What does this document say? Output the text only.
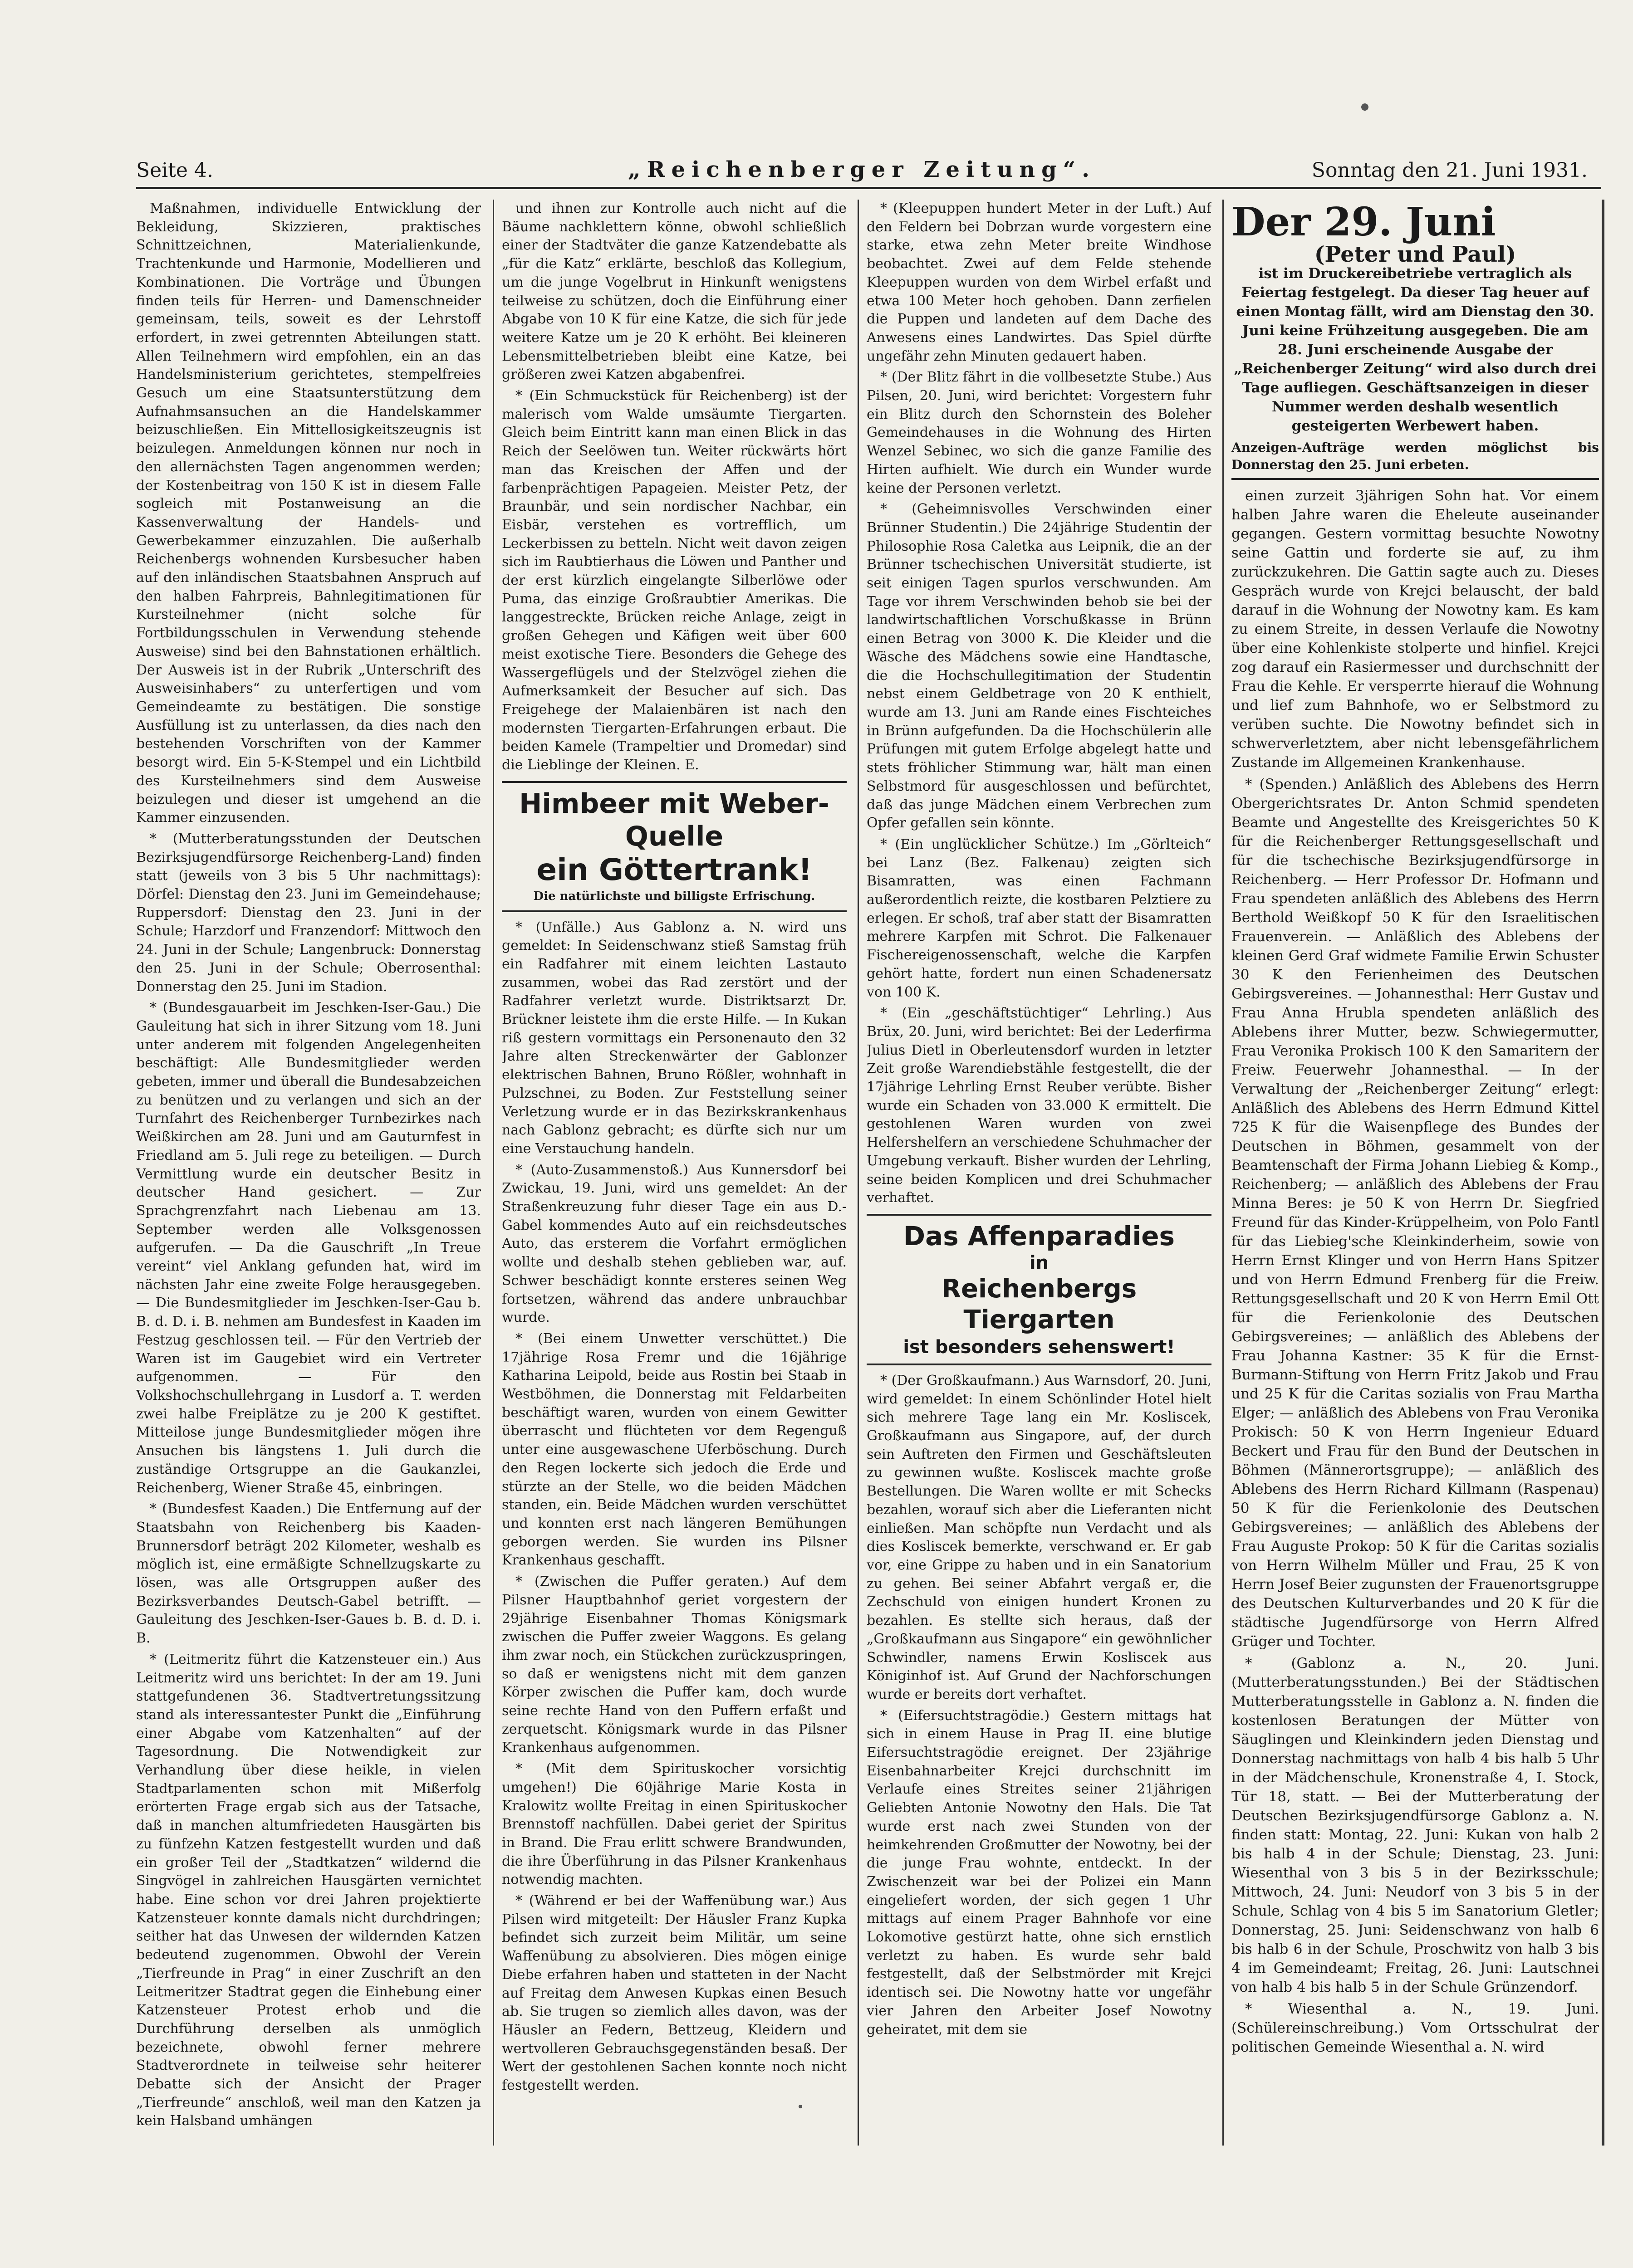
Seite 4.	„Reichenberger Zeitung“.	Sonntag den 21. Juni 1931.

Maßnahmen, individuelle Entwicklung der Bekleidung, Skizzieren, praktisches Schnittzeichnen, Materialienkunde, Trachtenkunde und Harmonie, Modellieren und Kombinationen. Die Vorträge und Übungen finden teils für Herren- und Damenschneider gemeinsam, teils, soweit es der Lehrstoff erfordert, in zwei getrennten Abteilungen statt. Allen Teilnehmern wird empfohlen, ein an das Handelsministerium gerichtetes, stempelfreies Gesuch um eine Staatsunterstützung dem Aufnahmsansuchen an die Handelskammer beizuschließen. Ein Mittellosigkeitszeugnis ist beizulegen. Anmeldungen können nur noch in den allernächsten Tagen angenommen werden; der Kostenbeitrag von 150 K ist in diesem Falle sogleich mit Postanweisung an die Kassenverwaltung der Handels- und Gewerbekammer einzuzahlen. Die außerhalb Reichenbergs wohnenden Kursbesucher haben auf den inländischen Staatsbahnen Anspruch auf den halben Fahrpreis, Bahnlegitimationen für Kursteilnehmer (nicht solche für Fortbildungsschulen in Verwendung stehende Ausweise) sind bei den Bahnstationen erhältlich. Der Ausweis ist in der Rubrik „Unterschrift des Ausweisinhabers“ zu unterfertigen und vom Gemeindeamte zu bestätigen. Die sonstige Ausfüllung ist zu unterlassen, da dies nach den bestehenden Vorschriften von der Kammer besorgt wird. Ein 5-K-Stempel und ein Lichtbild des Kursteilnehmers sind dem Ausweise beizulegen und dieser ist umgehend an die Kammer einzusenden.

* (Mutterberatungsstunden der Deutschen Bezirksjugendfürsorge Reichenberg-Land) finden statt (jeweils von 3 bis 5 Uhr nachmittags): Dörfel: Dienstag den 23. Juni im Gemeindehause; Ruppersdorf: Dienstag den 23. Juni in der Schule; Harzdorf und Franzendorf: Mittwoch den 24. Juni in der Schule; Langenbruck: Donnerstag den 25. Juni in der Schule; Oberrosenthal: Donnerstag den 25. Juni im Stadion.

* (Bundesgauarbeit im Jeschken-Iser-Gau.) Die Gauleitung hat sich in ihrer Sitzung vom 18. Juni unter anderem mit folgenden Angelegenheiten beschäftigt: Alle Bundesmitglieder werden gebeten, immer und überall die Bundesabzeichen zu benützen und zu verlangen und sich an der Turnfahrt des Reichenberger Turnbezirkes nach Weißkirchen am 28. Juni und am Gauturnfest in Friedland am 5. Juli rege zu beteiligen. — Durch Vermittlung wurde ein deutscher Besitz in deutscher Hand gesichert. — Zur Sprachgrenzfahrt nach Liebenau am 13. September werden alle Volksgenossen aufgerufen. — Da die Gauschrift „In Treue vereint“ viel Anklang gefunden hat, wird im nächsten Jahr eine zweite Folge herausgegeben. — Die Bundesmitglieder im Jeschken-Iser-Gau b. B. d. D. i. B. nehmen am Bundesfest in Kaaden im Festzug geschlossen teil. — Für den Vertrieb der Waren ist im Gaugebiet wird ein Vertreter aufgenommen. — Für den Volkshochschullehrgang in Lusdorf a. T. werden zwei halbe Freiplätze zu je 200 K gestiftet. Mitteilose junge Bundesmitglieder mögen ihre Ansuchen bis längstens 1. Juli durch die zuständige Ortsgruppe an die Gaukanzlei, Reichenberg, Wiener Straße 45, einbringen.

* (Bundesfest Kaaden.) Die Entfernung auf der Staatsbahn von Reichenberg bis Kaaden-Brunnersdorf beträgt 202 Kilometer, weshalb es möglich ist, eine ermäßigte Schnellzugskarte zu lösen, was alle Ortsgruppen außer des Bezirksverbandes Deutsch-Gabel betrifft. — Gauleitung des Jeschken-Iser-Gaues b. B. d. D. i. B.

* (Leitmeritz führt die Katzensteuer ein.) Aus Leitmeritz wird uns berichtet: In der am 19. Juni stattgefundenen 36. Stadtvertretungssitzung stand als interessantester Punkt die „Einführung einer Abgabe vom Katzenhalten“ auf der Tagesordnung. Die Notwendigkeit zur Verhandlung über diese heikle, in vielen Stadtparlamenten schon mit Mißerfolg erörterten Frage ergab sich aus der Tatsache, daß in manchen altumfriedeten Hausgärten bis zu fünfzehn Katzen festgestellt wurden und daß ein großer Teil der „Stadtkatzen“ wildernd die Singvögel in zahlreichen Hausgärten vernichtet habe. Eine schon vor drei Jahren projektierte Katzensteuer konnte damals nicht durchdringen; seither hat das Unwesen der wildernden Katzen bedeutend zugenommen. Obwohl der Verein „Tierfreunde in Prag“ in einer Zuschrift an den Leitmeritzer Stadtrat gegen die Einhebung einer Katzensteuer Protest erhob und die Durchführung derselben als unmöglich bezeichnete, obwohl ferner mehrere Stadtverordnete in teilweise sehr heiterer Debatte sich der Ansicht der Prager „Tierfreunde“ anschloß, weil man den Katzen ja kein Halsband umhängen

und ihnen zur Kontrolle auch nicht auf die Bäume nachklettern könne, obwohl schließlich einer der Stadtväter die ganze Katzendebatte als „für die Katz“ erklärte, beschloß das Kollegium, um die junge Vogelbrut in Hinkunft wenigstens teilweise zu schützen, doch die Einführung einer Abgabe von 10 K für eine Katze, die sich für jede weitere Katze um je 20 K erhöht. Bei kleineren Lebensmittelbetrieben bleibt eine Katze, bei größeren zwei Katzen abgabenfrei.

* (Ein Schmuckstück für Reichenberg) ist der malerisch vom Walde umsäumte Tiergarten. Gleich beim Eintritt kann man einen Blick in das Reich der Seelöwen tun. Weiter rückwärts hört man das Kreischen der Affen und der farbenprächtigen Papageien. Meister Petz, der Braunbär, und sein nordischer Nachbar, ein Eisbär, verstehen es vortrefflich, um Leckerbissen zu betteln. Nicht weit davon zeigen sich im Raubtierhaus die Löwen und Panther und der erst kürzlich eingelangte Silberlöwe oder Puma, das einzige Großraubtier Amerikas. Die langgestreckte, Brücken reiche Anlage, zeigt in großen Gehegen und Käfigen weit über 600 meist exotische Tiere. Besonders die Gehege des Wassergeflügels und der Stelzvögel ziehen die Aufmerksamkeit der Besucher auf sich. Das Freigehege der Malaienbären ist nach den modernsten Tiergarten-Erfahrungen erbaut. Die beiden Kamele (Trampeltier und Dromedar) sind die Lieblinge der Kleinen. E.

Himbeer mit Weber-Quelle
ein Göttertrank!
Die natürlichste und billigste Erfrischung.

* (Unfälle.) Aus Gablonz a. N. wird uns gemeldet: In Seidenschwanz stieß Samstag früh ein Radfahrer mit einem leichten Lastauto zusammen, wobei das Rad zerstört und der Radfahrer verletzt wurde. Distriktsarzt Dr. Brückner leistete ihm die erste Hilfe. — In Kukan riß gestern vormittags ein Personenauto den 32 Jahre alten Streckenwärter der Gablonzer elektrischen Bahnen, Bruno Rößler, wohnhaft in Pulzschnei, zu Boden. Zur Feststellung seiner Verletzung wurde er in das Bezirkskrankenhaus nach Gablonz gebracht; es dürfte sich nur um eine Verstauchung handeln.

* (Auto-Zusammenstoß.) Aus Kunnersdorf bei Zwickau, 19. Juni, wird uns gemeldet: An der Straßenkreuzung fuhr dieser Tage ein aus D.-Gabel kommendes Auto auf ein reichsdeutsches Auto, das ersterem die Vorfahrt ermöglichen wollte und deshalb stehen geblieben war, auf. Schwer beschädigt konnte ersteres seinen Weg fortsetzen, während das andere unbrauchbar wurde.

* (Bei einem Unwetter verschüttet.) Die 17jährige Rosa Fremr und die 16jährige Katharina Leipold, beide aus Rostin bei Staab in Westböhmen, die Donnerstag mit Feldarbeiten beschäftigt waren, wurden von einem Gewitter überrascht und flüchteten vor dem Regenguß unter eine ausgewaschene Uferböschung. Durch den Regen lockerte sich jedoch die Erde und stürzte an der Stelle, wo die beiden Mädchen standen, ein. Beide Mädchen wurden verschüttet und konnten erst nach längeren Bemühungen geborgen werden. Sie wurden ins Pilsner Krankenhaus geschafft.

* (Zwischen die Puffer geraten.) Auf dem Pilsner Hauptbahnhof geriet vorgestern der 29jährige Eisenbahner Thomas Königsmark zwischen die Puffer zweier Waggons. Es gelang ihm zwar noch, ein Stückchen zurückzuspringen, so daß er wenigstens nicht mit dem ganzen Körper zwischen die Puffer kam, doch wurde seine rechte Hand von den Puffern erfaßt und zerquetscht. Königsmark wurde in das Pilsner Krankenhaus aufgenommen.

* (Mit dem Spirituskocher vorsichtig umgehen!) Die 60jährige Marie Kosta in Kralowitz wollte Freitag in einen Spirituskocher Brennstoff nachfüllen. Dabei geriet der Spiritus in Brand. Die Frau erlitt schwere Brandwunden, die ihre Überführung in das Pilsner Krankenhaus notwendig machten.

* (Während er bei der Waffenübung war.) Aus Pilsen wird mitgeteilt: Der Häusler Franz Kupka befindet sich zurzeit beim Militär, um seine Waffenübung zu absolvieren. Dies mögen einige Diebe erfahren haben und statteten in der Nacht auf Freitag dem Anwesen Kupkas einen Besuch ab. Sie trugen so ziemlich alles davon, was der Häusler an Federn, Bettzeug, Kleidern und wertvolleren Gebrauchsgegenständen besaß. Der Wert der gestohlenen Sachen konnte noch nicht festgestellt werden.

* (Kleepuppen hundert Meter in der Luft.) Auf den Feldern bei Dobrzan wurde vorgestern eine starke, etwa zehn Meter breite Windhose beobachtet. Zwei auf dem Felde stehende Kleepuppen wurden von dem Wirbel erfaßt und etwa 100 Meter hoch gehoben. Dann zerfielen die Puppen und landeten auf dem Dache des Anwesens eines Landwirtes. Das Spiel dürfte ungefähr zehn Minuten gedauert haben.

* (Der Blitz fährt in die vollbesetzte Stube.) Aus Pilsen, 20. Juni, wird berichtet: Vorgestern fuhr ein Blitz durch den Schornstein des Boleher Gemeindehauses in die Wohnung des Hirten Wenzel Sebinec, wo sich die ganze Familie des Hirten aufhielt. Wie durch ein Wunder wurde keine der Personen verletzt.

* (Geheimnisvolles Verschwinden einer Brünner Studentin.) Die 24jährige Studentin der Philosophie Rosa Caletka aus Leipnik, die an der Brünner tschechischen Universität studierte, ist seit einigen Tagen spurlos verschwunden. Am Tage vor ihrem Verschwinden behob sie bei der landwirtschaftlichen Vorschußkasse in Brünn einen Betrag von 3000 K. Die Kleider und die Wäsche des Mädchens sowie eine Handtasche, die die Hochschullegitimation der Studentin nebst einem Geldbetrage von 20 K enthielt, wurde am 13. Juni am Rande eines Fischteiches in Brünn aufgefunden. Da die Hochschülerin alle Prüfungen mit gutem Erfolge abgelegt hatte und stets fröhlicher Stimmung war, hält man einen Selbstmord für ausgeschlossen und befürchtet, daß das junge Mädchen einem Verbrechen zum Opfer gefallen sein könnte.

* (Ein unglücklicher Schütze.) Im „Görlteich“ bei Lanz (Bez. Falkenau) zeigten sich Bisamratten, was einen Fachmann außerordentlich reizte, die kostbaren Pelztiere zu erlegen. Er schoß, traf aber statt der Bisamratten mehrere Karpfen mit Schrot. Die Falkenauer Fischereigenossenschaft, welche die Karpfen gehört hatte, fordert nun einen Schadenersatz von 100 K.

* (Ein „geschäftstüchtiger“ Lehrling.) Aus Brüx, 20. Juni, wird berichtet: Bei der Lederfirma Julius Dietl in Oberleutensdorf wurden in letzter Zeit große Warendiebstähle festgestellt, die der 17jährige Lehrling Ernst Reuber verübte. Bisher wurde ein Schaden von 33.000 K ermittelt. Die gestohlenen Waren wurden von zwei Helfershelfern an verschiedene Schuhmacher der Umgebung verkauft. Bisher wurden der Lehrling, seine beiden Komplicen und drei Schuhmacher verhaftet.

Das Affenparadies
in
Reichenbergs Tiergarten
ist besonders sehenswert!

* (Der Großkaufmann.) Aus Warnsdorf, 20. Juni, wird gemeldet: In einem Schönlinder Hotel hielt sich mehrere Tage lang ein Mr. Kosliscek, Großkaufmann aus Singapore, auf, der durch sein Auftreten den Firmen und Geschäftsleuten zu gewinnen wußte. Kosliscek machte große Bestellungen. Die Waren wollte er mit Schecks bezahlen, worauf sich aber die Lieferanten nicht einließen. Man schöpfte nun Verdacht und als dies Kosliscek bemerkte, verschwand er. Er gab vor, eine Grippe zu haben und in ein Sanatorium zu gehen. Bei seiner Abfahrt vergaß er, die Zechschuld von einigen hundert Kronen zu bezahlen. Es stellte sich heraus, daß der „Großkaufmann aus Singapore“ ein gewöhnlicher Schwindler, namens Erwin Kosliscek aus Königinhof ist. Auf Grund der Nachforschungen wurde er bereits dort verhaftet.

* (Eifersuchtstragödie.) Gestern mittags hat sich in einem Hause in Prag II. eine blutige Eifersuchtstragödie ereignet. Der 23jährige Eisenbahnarbeiter Krejci durchschnitt im Verlaufe eines Streites seiner 21jährigen Geliebten Antonie Nowotny den Hals. Die Tat wurde erst nach zwei Stunden von der heimkehrenden Großmutter der Nowotny, bei der die junge Frau wohnte, entdeckt. In der Zwischenzeit war bei der Polizei ein Mann eingeliefert worden, der sich gegen 1 Uhr mittags auf einem Prager Bahnhofe vor eine Lokomotive gestürzt hatte, ohne sich ernstlich verletzt zu haben. Es wurde sehr bald festgestellt, daß der Selbstmörder mit Krejci identisch sei. Die Nowotny hatte vor ungefähr vier Jahren den Arbeiter Josef Nowotny geheiratet, mit dem sie

Der 29. Juni
(Peter und Paul)
ist im Druckereibetriebe vertraglich als Feiertag festgelegt. Da dieser Tag heuer auf einen Montag fällt, wird am Dienstag den 30. Juni keine Frühzeitung ausgegeben. Die am 28. Juni erscheinende Ausgabe der „Reichenberger Zeitung“ wird also durch drei Tage aufliegen. Geschäftsanzeigen in dieser Nummer werden deshalb wesentlich gesteigerten Werbewert haben.
Anzeigen-Aufträge werden möglichst bis Donnerstag den 25. Juni erbeten.

einen zurzeit 3jährigen Sohn hat. Vor einem halben Jahre waren die Eheleute auseinander gegangen. Gestern vormittag besuchte Nowotny seine Gattin und forderte sie auf, zu ihm zurückzukehren. Die Gattin sagte auch zu. Dieses Gespräch wurde von Krejci belauscht, der bald darauf in die Wohnung der Nowotny kam. Es kam zu einem Streite, in dessen Verlaufe die Nowotny über eine Kohlenkiste stolperte und hinfiel. Krejci zog darauf ein Rasiermesser und durchschnitt der Frau die Kehle. Er versperrte hierauf die Wohnung und lief zum Bahnhofe, wo er Selbstmord zu verüben suchte. Die Nowotny befindet sich in schwerverletztem, aber nicht lebensgefährlichem Zustande im Allgemeinen Krankenhause.

* (Spenden.) Anläßlich des Ablebens des Herrn Obergerichtsrates Dr. Anton Schmid spendeten Beamte und Angestellte des Kreisgerichtes 50 K für die Reichenberger Rettungsgesellschaft und für die tschechische Bezirksjugendfürsorge in Reichenberg. — Herr Professor Dr. Hofmann und Frau spendeten anläßlich des Ablebens des Herrn Berthold Weißkopf 50 K für den Israelitischen Frauenverein. — Anläßlich des Ablebens der kleinen Gerd Graf widmete Familie Erwin Schuster 30 K den Ferienheimen des Deutschen Gebirgsvereines. — Johannesthal: Herr Gustav und Frau Anna Hrubla spendeten anläßlich des Ablebens ihrer Mutter, bezw. Schwiegermutter, Frau Veronika Prokisch 100 K den Samaritern der Freiw. Feuerwehr Johannesthal. — In der Verwaltung der „Reichenberger Zeitung“ erlegt: Anläßlich des Ablebens des Herrn Edmund Kittel 725 K für die Waisenpflege des Bundes der Deutschen in Böhmen, gesammelt von der Beamtenschaft der Firma Johann Liebieg & Komp., Reichenberg; — anläßlich des Ablebens der Frau Minna Beres: je 50 K von Herrn Dr. Siegfried Freund für das Kinder-Krüppelheim, von Polo Fantl für das Liebieg'sche Kleinkinderheim, sowie von Herrn Ernst Klinger und von Herrn Hans Spitzer und von Herrn Edmund Frenberg für die Freiw. Rettungsgesellschaft und 20 K von Herrn Emil Ott für die Ferienkolonie des Deutschen Gebirgsvereines; — anläßlich des Ablebens der Frau Johanna Kastner: 35 K für die Ernst-Burmann-Stiftung von Herrn Fritz Jakob und Frau und 25 K für die Caritas sozialis von Frau Martha Elger; — anläßlich des Ablebens von Frau Veronika Prokisch: 50 K von Herrn Ingenieur Eduard Beckert und Frau für den Bund der Deutschen in Böhmen (Männerortsgruppe); — anläßlich des Ablebens des Herrn Richard Killmann (Raspenau) 50 K für die Ferienkolonie des Deutschen Gebirgsvereines; — anläßlich des Ablebens der Frau Auguste Prokop: 50 K für die Caritas sozialis von Herrn Wilhelm Müller und Frau, 25 K von Herrn Josef Beier zugunsten der Frauenortsgruppe des Deutschen Kulturverbandes und 20 K für die städtische Jugendfürsorge von Herrn Alfred Grüger und Tochter.

* (Gablonz a. N., 20. Juni. (Mutterberatungsstunden.) Bei der Städtischen Mutterberatungsstelle in Gablonz a. N. finden die kostenlosen Beratungen der Mütter von Säuglingen und Kleinkindern jeden Dienstag und Donnerstag nachmittags von halb 4 bis halb 5 Uhr in der Mädchenschule, Kronenstraße 4, I. Stock, Tür 18, statt. — Bei der Mutterberatung der Deutschen Bezirksjugendfürsorge Gablonz a. N. finden statt: Montag, 22. Juni: Kukan von halb 2 bis halb 4 in der Schule; Dienstag, 23. Juni: Wiesenthal von 3 bis 5 in der Bezirksschule; Mittwoch, 24. Juni: Neudorf von 3 bis 5 in der Schule, Schlag von 4 bis 5 im Sanatorium Gletler; Donnerstag, 25. Juni: Seidenschwanz von halb 6 bis halb 6 in der Schule, Proschwitz von halb 3 bis 4 im Gemeindeamt; Freitag, 26. Juni: Lautschnei von halb 4 bis halb 5 in der Schule Grünzendorf.

* Wiesenthal a. N., 19. Juni. (Schülereinschreibung.) Vom Ortsschulrat der politischen Gemeinde Wiesenthal a. N. wird
